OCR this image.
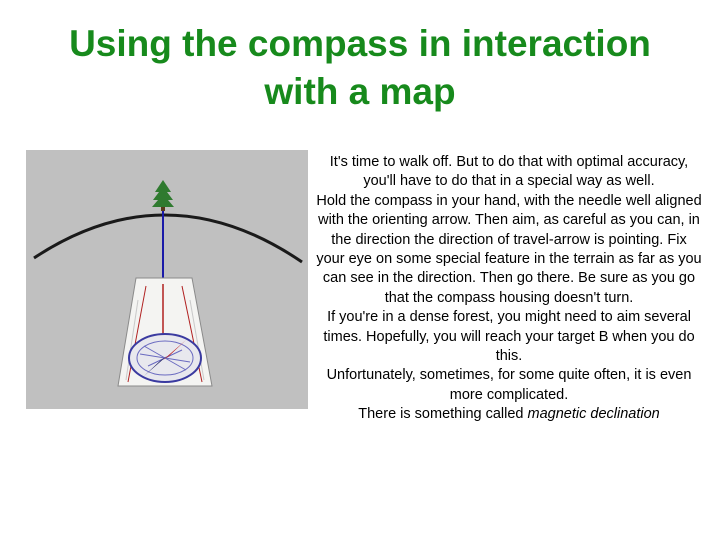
Using the compass in interaction
with a map

It's time to walk off. But to do that with optimal accuracy, you'll have to do that in a special way as well.

Hold the compass in your hand, with the needle well aligned with the orienting arrow. Then aim, as careful as you can, in the direction the direction of travel-arrow is pointing. Fix your eye on some special feature in the terrain as far as you can see in the direction. Then go there. Be sure as you go that the compass housing doesn't turn.

If you're in a dense forest, you might need to aim several times. Hopefully, you will reach your target B when you do this.

Unfortunately, sometimes, for some quite often, it is even more complicated.

There is something called magnetic declination
